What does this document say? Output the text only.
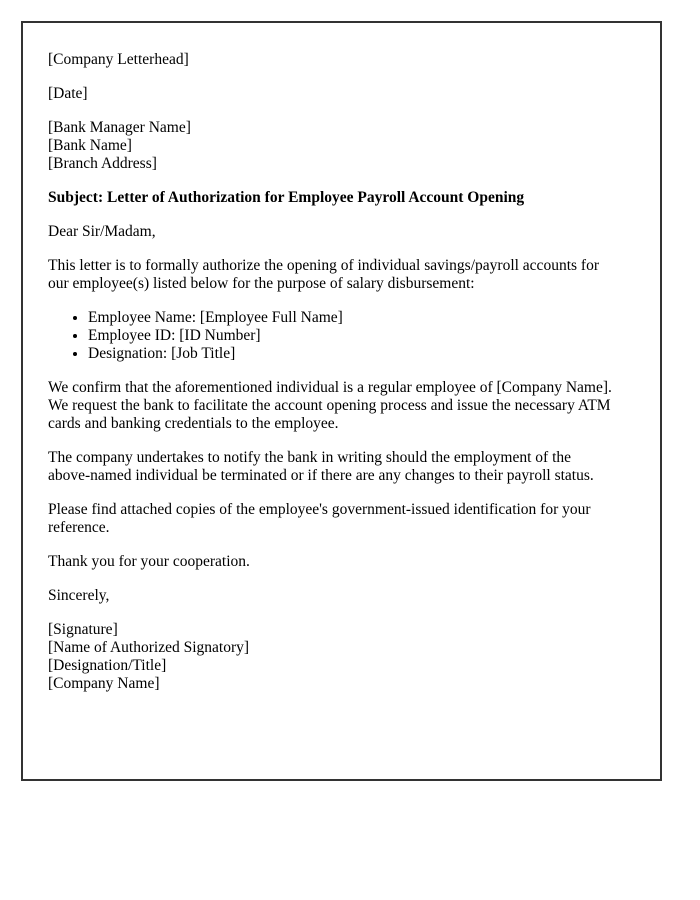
[Company Letterhead]

[Date]

[Bank Manager Name]
[Bank Name]
[Branch Address]

Subject: Letter of Authorization for Employee Payroll Account Opening

Dear Sir/Madam,

This letter is to formally authorize the opening of individual savings/payroll accounts for
our employee(s) listed below for the purpose of salary disbursement:

• Employee Name: [Employee Full Name]
• Employee ID: [ID Number]
• Designation: [Job Title]

We confirm that the aforementioned individual is a regular employee of [Company Name].
We request the bank to facilitate the account opening process and issue the necessary ATM
cards and banking credentials to the employee.

The company undertakes to notify the bank in writing should the employment of the
above-named individual be terminated or if there are any changes to their payroll status.

Please find attached copies of the employee's government-issued identification for your
reference.

Thank you for your cooperation.

Sincerely,

[Signature]
[Name of Authorized Signatory]
[Designation/Title]
[Company Name]
